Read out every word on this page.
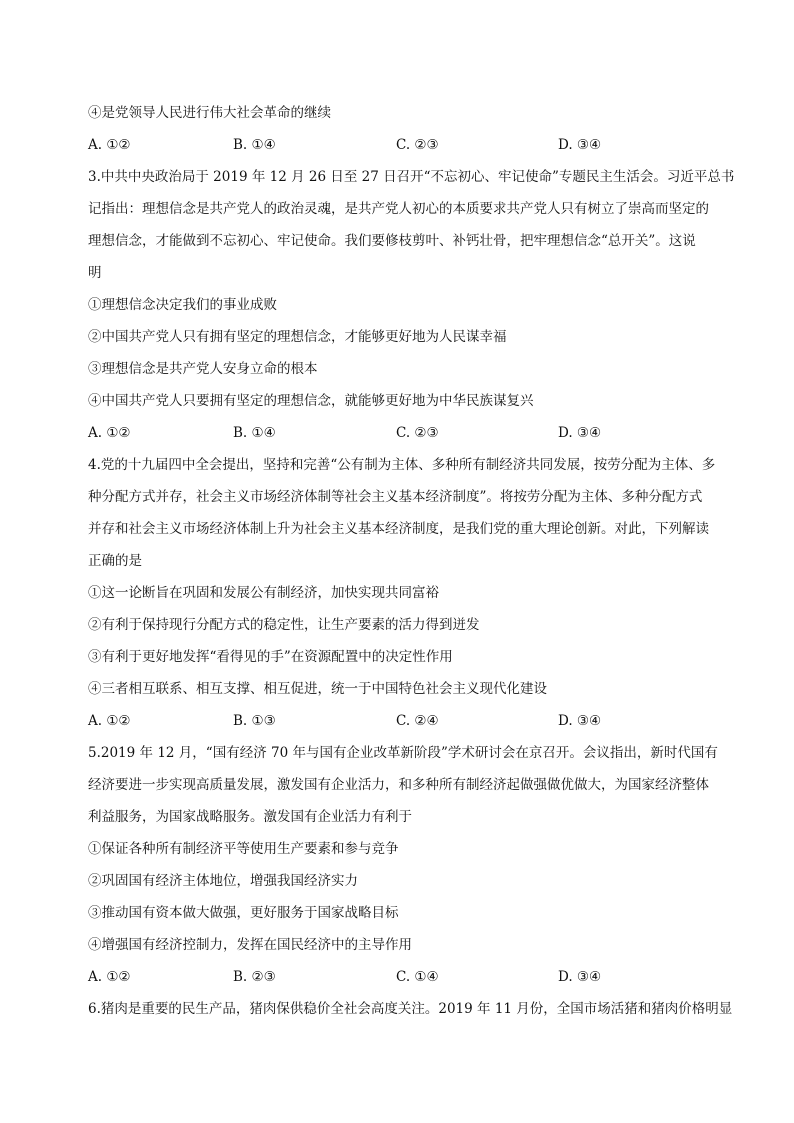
④是党领导人民进行伟大社会革命的继续
A. ①②	B. ①④	C. ②③	D. ③④
3.中共中央政治局于 2019 年 12 月 26 日至 27 日召开“不忘初心、牢记使命”专题民主生活会。习近平总书
记指出：理想信念是共产党人的政治灵魂，是共产党人初心的本质要求共产党人只有树立了崇高而坚定的
理想信念，才能做到不忘初心、牢记使命。我们要修枝剪叶、补钙壮骨，把牢理想信念“总开关”。这说
明
①理想信念决定我们的事业成败
②中国共产党人只有拥有坚定的理想信念，才能够更好地为人民谋幸福
③理想信念是共产党人安身立命的根本
④中国共产党人只要拥有坚定的理想信念，就能够更好地为中华民族谋复兴
A. ①②	B. ①④	C. ②③	D. ③④
4.党的十九届四中全会提出，坚持和完善“公有制为主体、多种所有制经济共同发展，按劳分配为主体、多
种分配方式并存，社会主义市场经济体制等社会主义基本经济制度”。将按劳分配为主体、多种分配方式
并存和社会主义市场经济体制上升为社会主义基本经济制度，是我们党的重大理论创新。对此，下列解读
正确的是
①这一论断旨在巩固和发展公有制经济，加快实现共同富裕
②有利于保持现行分配方式的稳定性，让生产要素的活力得到迸发
③有利于更好地发挥“看得见的手”在资源配置中的决定性作用
④三者相互联系、相互支撑、相互促进，统一于中国特色社会主义现代化建设
A. ①②	B. ①③	C. ②④	D. ③④
5.2019 年 12 月，“国有经济 70 年与国有企业改革新阶段”学术研讨会在京召开。会议指出，新时代国有
经济要进一步实现高质量发展，激发国有企业活力，和多种所有制经济起做强做优做大，为国家经济整体
利益服务，为国家战略服务。激发国有企业活力有利于
①保证各种所有制经济平等使用生产要素和参与竞争
②巩固国有经济主体地位，增强我国经济实力
③推动国有资本做大做强，更好服务于国家战略目标
④增强国有经济控制力，发挥在国民经济中的主导作用
A. ①②	B. ②③	C. ①④	D. ③④
6.猪肉是重要的民生产品，猪肉保供稳价全社会高度关注。2019 年 11 月份，全国市场活猪和猪肉价格明显
